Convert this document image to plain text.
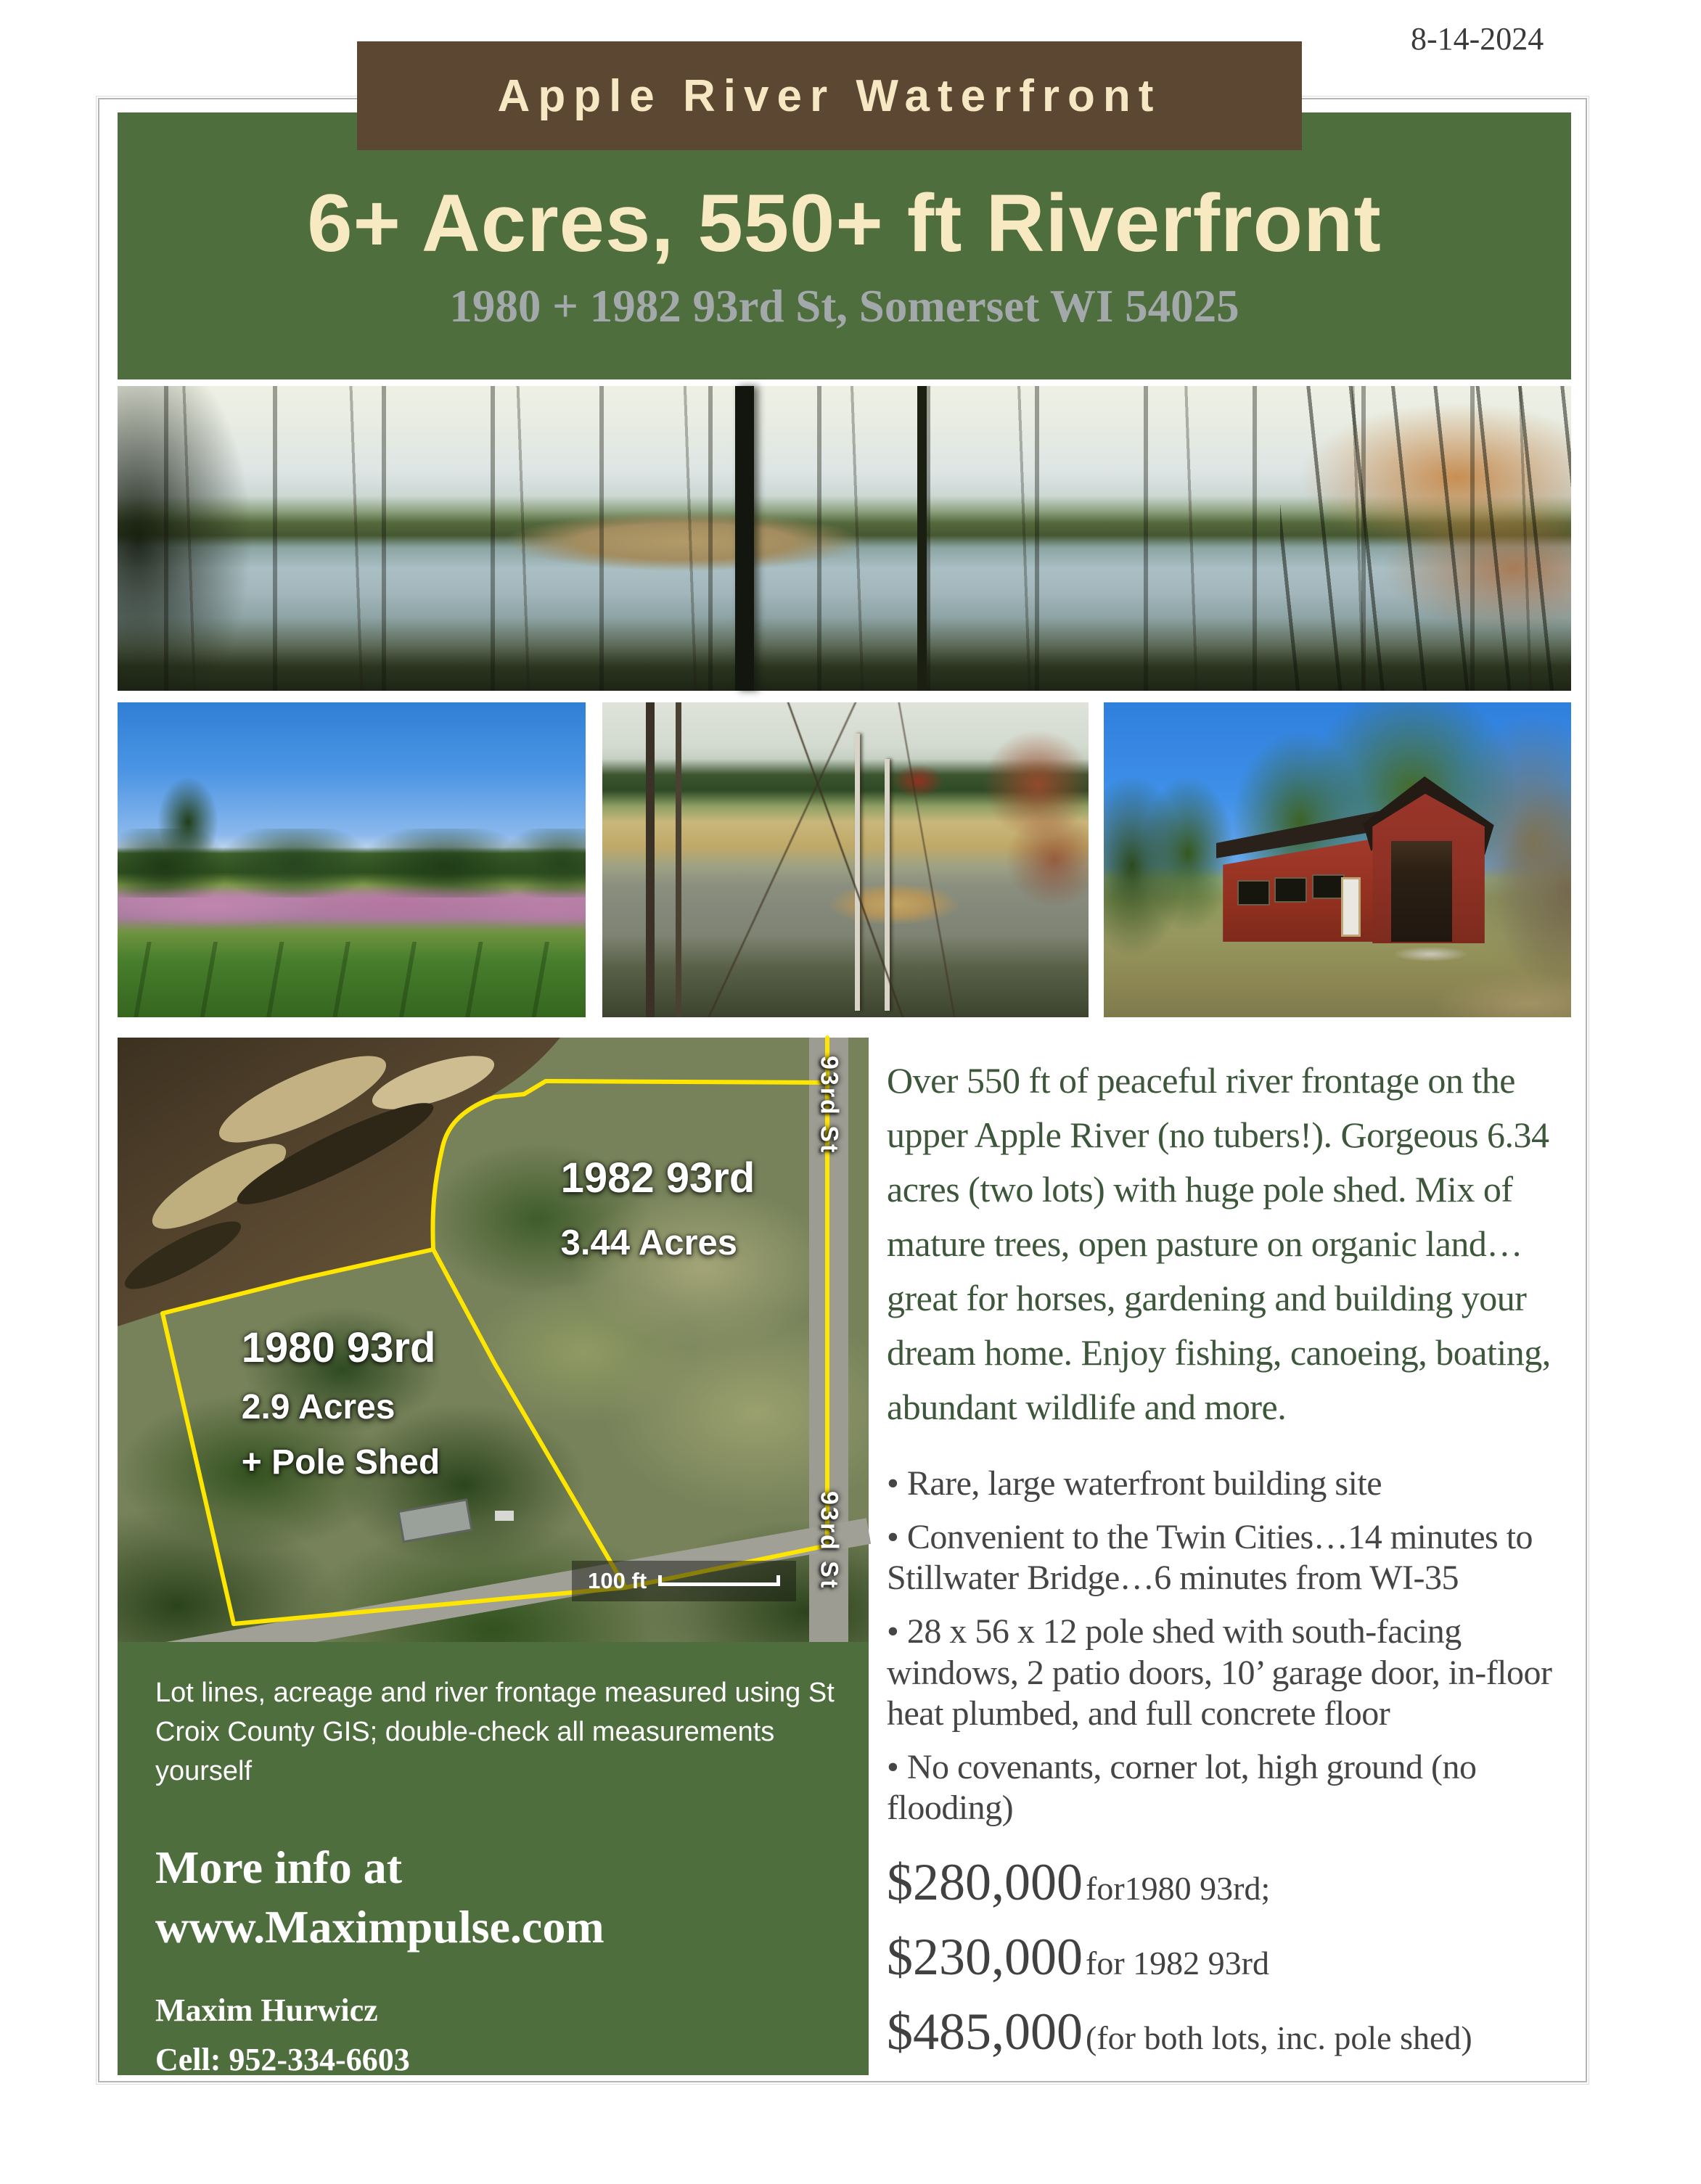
8-14-2024
6+ Acres, 550+ ft Riverfront
1980 + 1982 93rd St, Somerset WI 54025
Apple River Waterfront
1982 93rd
3.44 Acres
1980 93rd
2.9 Acres
+ Pole Shed
93rd St
93rd St
100 ft
Lot lines, acreage and river frontage measured using St Croix County GIS; double-check all measurements yourself
More info at
www.Maximpulse.com
Maxim Hurwicz
Cell: 952-334-6603
email: maximpulse@gmail.com
Over 550 ft of peaceful river frontage on the upper Apple River (no tubers!). Gorgeous 6.34 acres (two lots) with huge pole shed. Mix of mature trees, open pasture on organic land…great for horses, gardening and building your dream home. Enjoy fishing, canoeing, boating, abundant wildlife and more.
• Rare, large waterfront building site
• Convenient to the Twin Cities…14 minutes to Stillwater Bridge…6 minutes from WI-35
• 28 x 56 x 12 pole shed with south-facing windows, 2 patio doors, 10’ garage door, in-floor heat plumbed, and full concrete floor
• No covenants, corner lot, high ground (no flooding)
$280,000 for1980 93rd;
$230,000 for 1982 93rd
$485,000 (for both lots, inc. pole shed)
